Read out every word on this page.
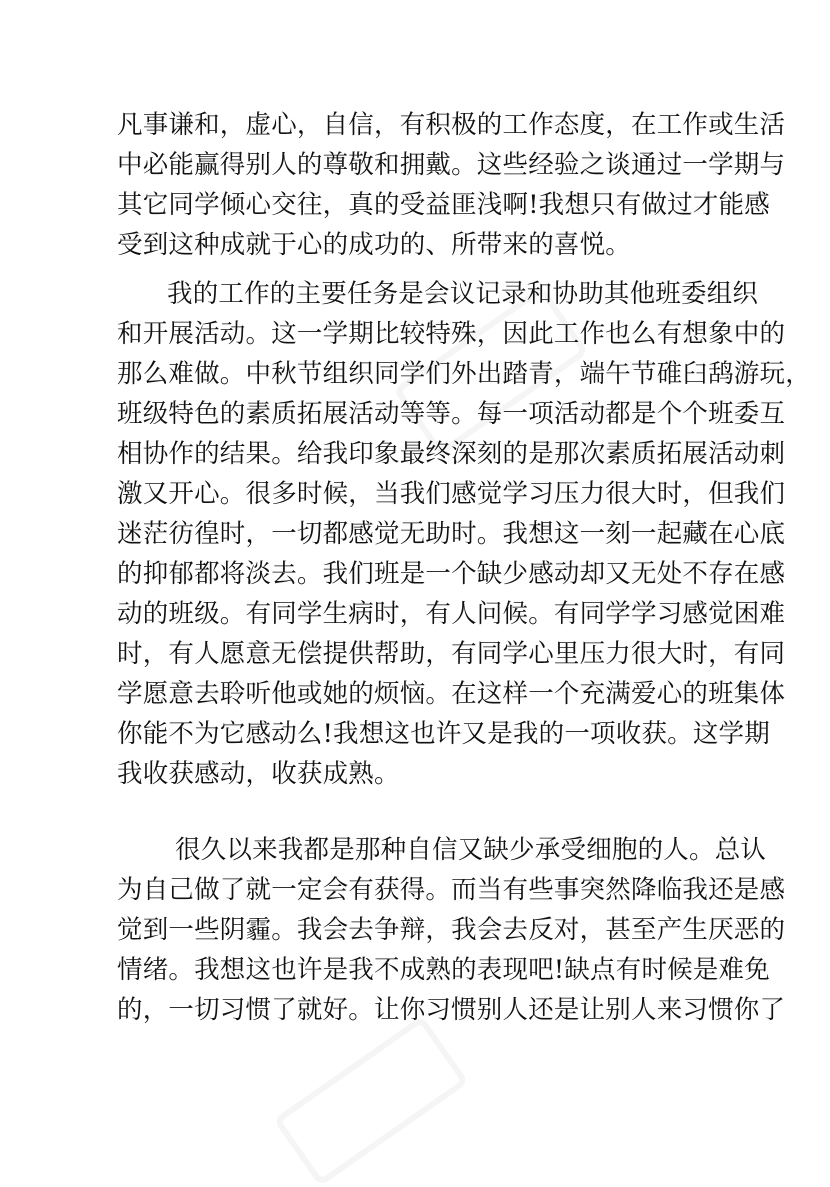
凡事谦和，虚心，自信，有积极的工作态度，在工作或生活
中必能赢得别人的尊敬和拥戴。这些经验之谈通过一学期与
其它同学倾心交往，真的受益匪浅啊!我想只有做过才能感
受到这种成就于心的成功的、所带来的喜悦。
我的工作的主要任务是会议记录和协助其他班委组织
和开展活动。这一学期比较特殊，因此工作也么有想象中的
那么难做。中秋节组织同学们外出踏青，端午节碓臼鸹游玩，
班级特色的素质拓展活动等等。每一项活动都是个个班委互
相协作的结果。给我印象最终深刻的是那次素质拓展活动刺
激又开心。很多时候，当我们感觉学习压力很大时，但我们
迷茫彷徨时，一切都感觉无助时。我想这一刻一起藏在心底
的抑郁都将淡去。我们班是一个缺少感动却又无处不存在感
动的班级。有同学生病时，有人问候。有同学学习感觉困难
时，有人愿意无偿提供帮助，有同学心里压力很大时，有同
学愿意去聆听他或她的烦恼。在这样一个充满爱心的班集体
你能不为它感动么!我想这也许又是我的一项收获。这学期
我收获感动，收获成熟。
很久以来我都是那种自信又缺少承受细胞的人。总认
为自己做了就一定会有获得。而当有些事突然降临我还是感
觉到一些阴霾。我会去争辩，我会去反对，甚至产生厌恶的
情绪。我想这也许是我不成熟的表现吧!缺点有时候是难免
的，一切习惯了就好。让你习惯别人还是让别人来习惯你了
